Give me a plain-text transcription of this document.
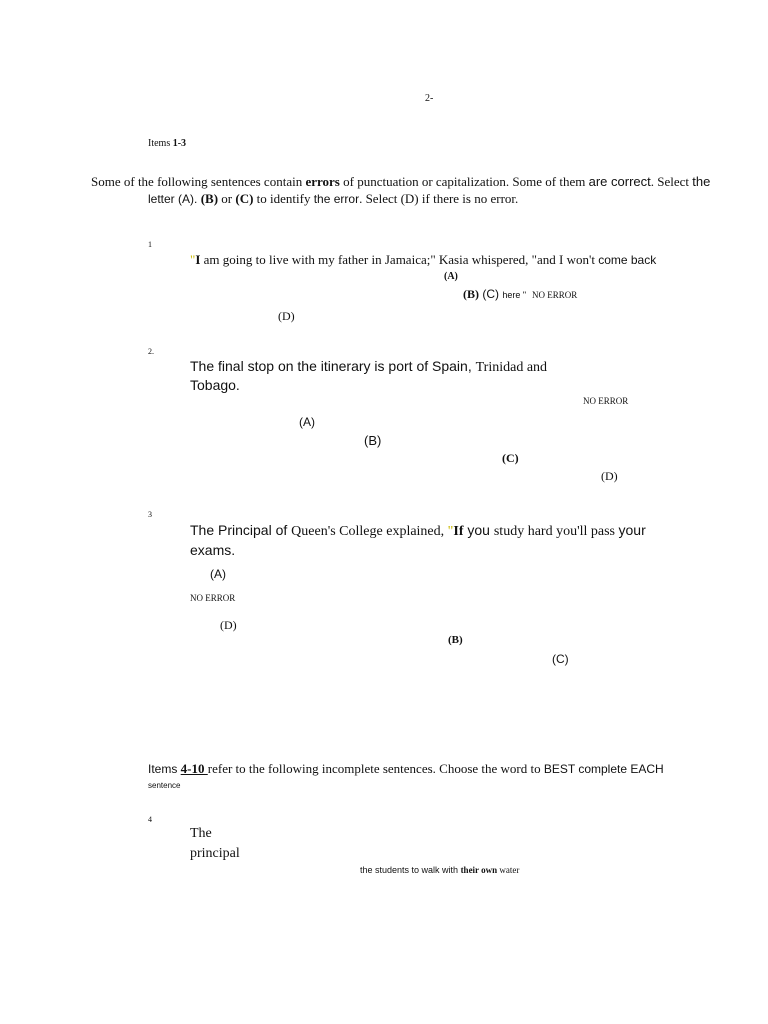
2-
Items 1-3
Some of the following sentences contain errors of punctuation or capitalization. Some of them are correct. Select the
letter (A). (B) or (C) to identify the error. Select (D) if there is no error.
1
"I am going to live with my father in Jamaica;" Kasia whispered, "and I won't come back
(A)
(B) (C) here " NO ERROR
(D)
2.
The final stop on the itinerary is port of Spain, Trinidad and
Tobago.
NO ERROR
(A)
(B)
(C)
(D)
3
The Principal of Queen's College explained, "If you study hard you'll pass your
exams.
(A)
NO ERROR
(D)
(B)
(C)
Items 4-10 refer to the following incomplete sentences. Choose the word to BEST complete EACH
sentence
4
The
principal
the students to walk with their own water
